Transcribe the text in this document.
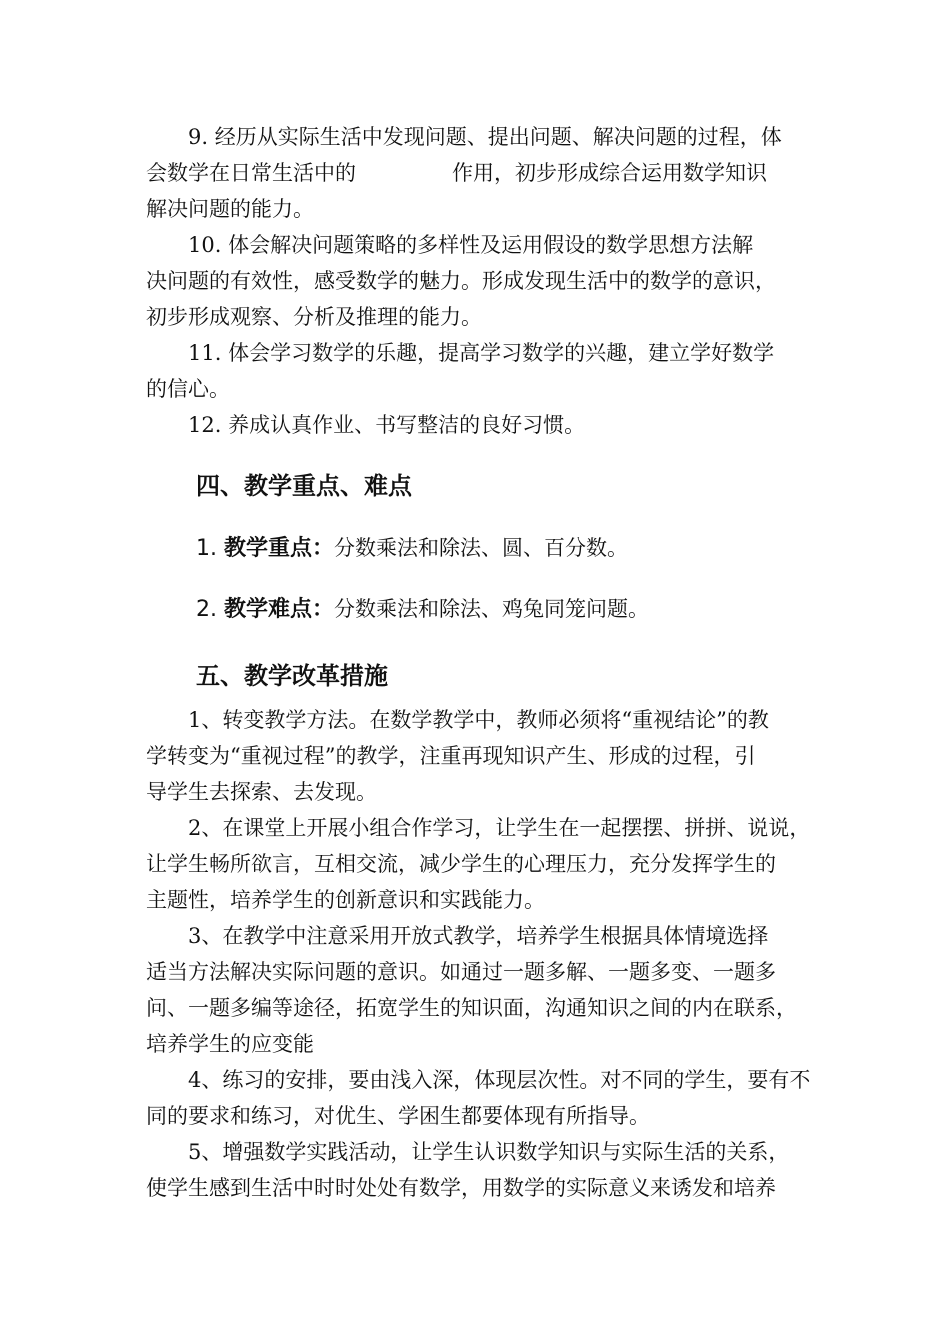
9. 经历从实际生活中发现问题、提出问题、解决问题的过程，体
会数学在日常生活中的	作用，初步形成综合运用数学知识
解决问题的能力。
10. 体会解决问题策略的多样性及运用假设的数学思想方法解
决问题的有效性，感受数学的魅力。形成发现生活中的数学的意识，
初步形成观察、分析及推理的能力。
11. 体会学习数学的乐趣，提高学习数学的兴趣，建立学好数学
的信心。
12. 养成认真作业、书写整洁的良好习惯。
四、教学重点、难点
1. 教学重点：分数乘法和除法、圆、百分数。
2. 教学难点：分数乘法和除法、鸡兔同笼问题。
五、教学改革措施
1、转变教学方法。在数学教学中，教师必须将“重视结论”的教
学转变为“重视过程”的教学，注重再现知识产生、形成的过程，引
导学生去探索、去发现。
2、在课堂上开展小组合作学习，让学生在一起摆摆、拼拼、说说，
让学生畅所欲言，互相交流，减少学生的心理压力，充分发挥学生的
主题性，培养学生的创新意识和实践能力。
3、在教学中注意采用开放式教学，培养学生根据具体情境选择
适当方法解决实际问题的意识。如通过一题多解、一题多变、一题多
问、一题多编等途径，拓宽学生的知识面，沟通知识之间的内在联系，
培养学生的应变能
4、练习的安排，要由浅入深，体现层次性。对不同的学生，要有不
同的要求和练习，对优生、学困生都要体现有所指导。
5、增强数学实践活动，让学生认识数学知识与实际生活的关系，
使学生感到生活中时时处处有数学，用数学的实际意义来诱发和培养
